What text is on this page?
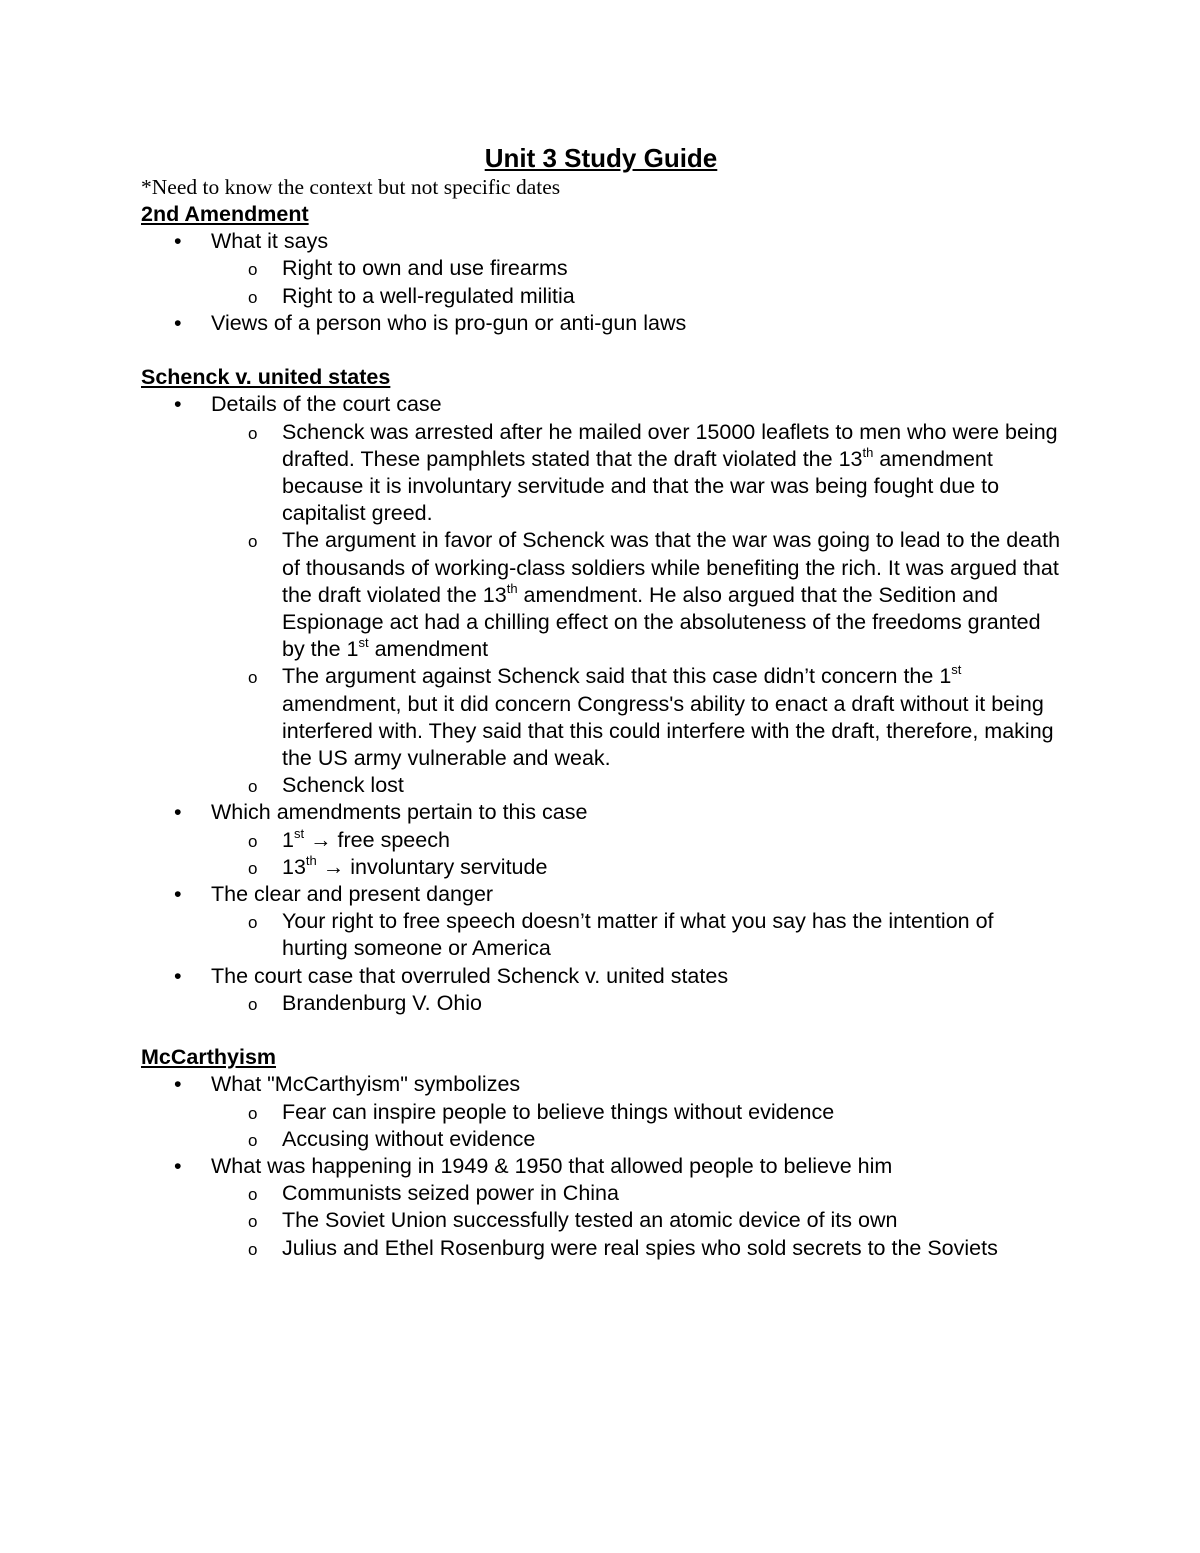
Unit 3 Study Guide
*Need to know the context but not specific dates
2nd Amendment
• What it says
o Right to own and use firearms
o Right to a well-regulated militia
• Views of a person who is pro-gun or anti-gun laws
Schenck v. united states
• Details of the court case
o Schenck was arrested after he mailed over 15000 leaflets to men who were being drafted. These pamphlets stated that the draft violated the 13th amendment because it is involuntary servitude and that the war was being fought due to capitalist greed.
o The argument in favor of Schenck was that the war was going to lead to the death of thousands of working-class soldiers while benefiting the rich. It was argued that the draft violated the 13th amendment. He also argued that the Sedition and Espionage act had a chilling effect on the absoluteness of the freedoms granted by the 1st amendment
o The argument against Schenck said that this case didn’t concern the 1st amendment, but it did concern Congress's ability to enact a draft without it being interfered with. They said that this could interfere with the draft, therefore, making the US army vulnerable and weak.
o Schenck lost
• Which amendments pertain to this case
o 1st → free speech
o 13th → involuntary servitude
• The clear and present danger
o Your right to free speech doesn’t matter if what you say has the intention of hurting someone or America
• The court case that overruled Schenck v. united states
o Brandenburg V. Ohio
McCarthyism
• What "McCarthyism" symbolizes
o Fear can inspire people to believe things without evidence
o Accusing without evidence
• What was happening in 1949 & 1950 that allowed people to believe him
o Communists seized power in China
o The Soviet Union successfully tested an atomic device of its own
o Julius and Ethel Rosenburg were real spies who sold secrets to the Soviets
